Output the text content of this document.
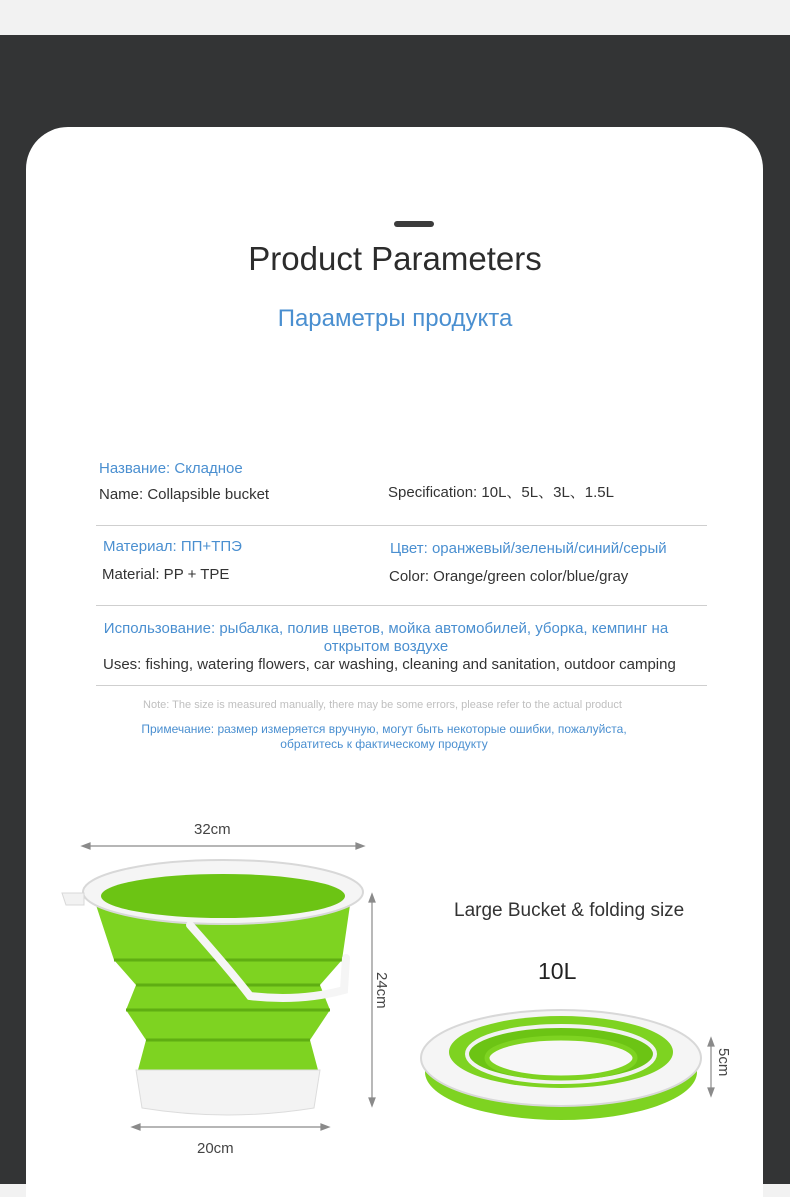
Product Parameters
Параметры продукта
Название: Складное
Name: Collapsible bucket	Specification: 10L、5L、3L、1.5L
Материал: ПП+ТПЭ
Material: PP + TPE
Цвет: оранжевый/зеленый/синий/серый
Color: Orange/green color/blue/gray
Использование: рыбалка, полив цветов, мойка автомобилей, уборка, кемпинг на открытом воздухе
Uses: fishing, watering flowers, car washing, cleaning and sanitation, outdoor camping
Note: The size is measured manually, there may be some errors, please refer to the actual product
Примечание: размер измеряется вручную, могут быть некоторые ошибки, пожалуйста, обратитесь к фактическому продукту
32cm
24cm
20cm
5cm
Large Bucket & folding size
10L
